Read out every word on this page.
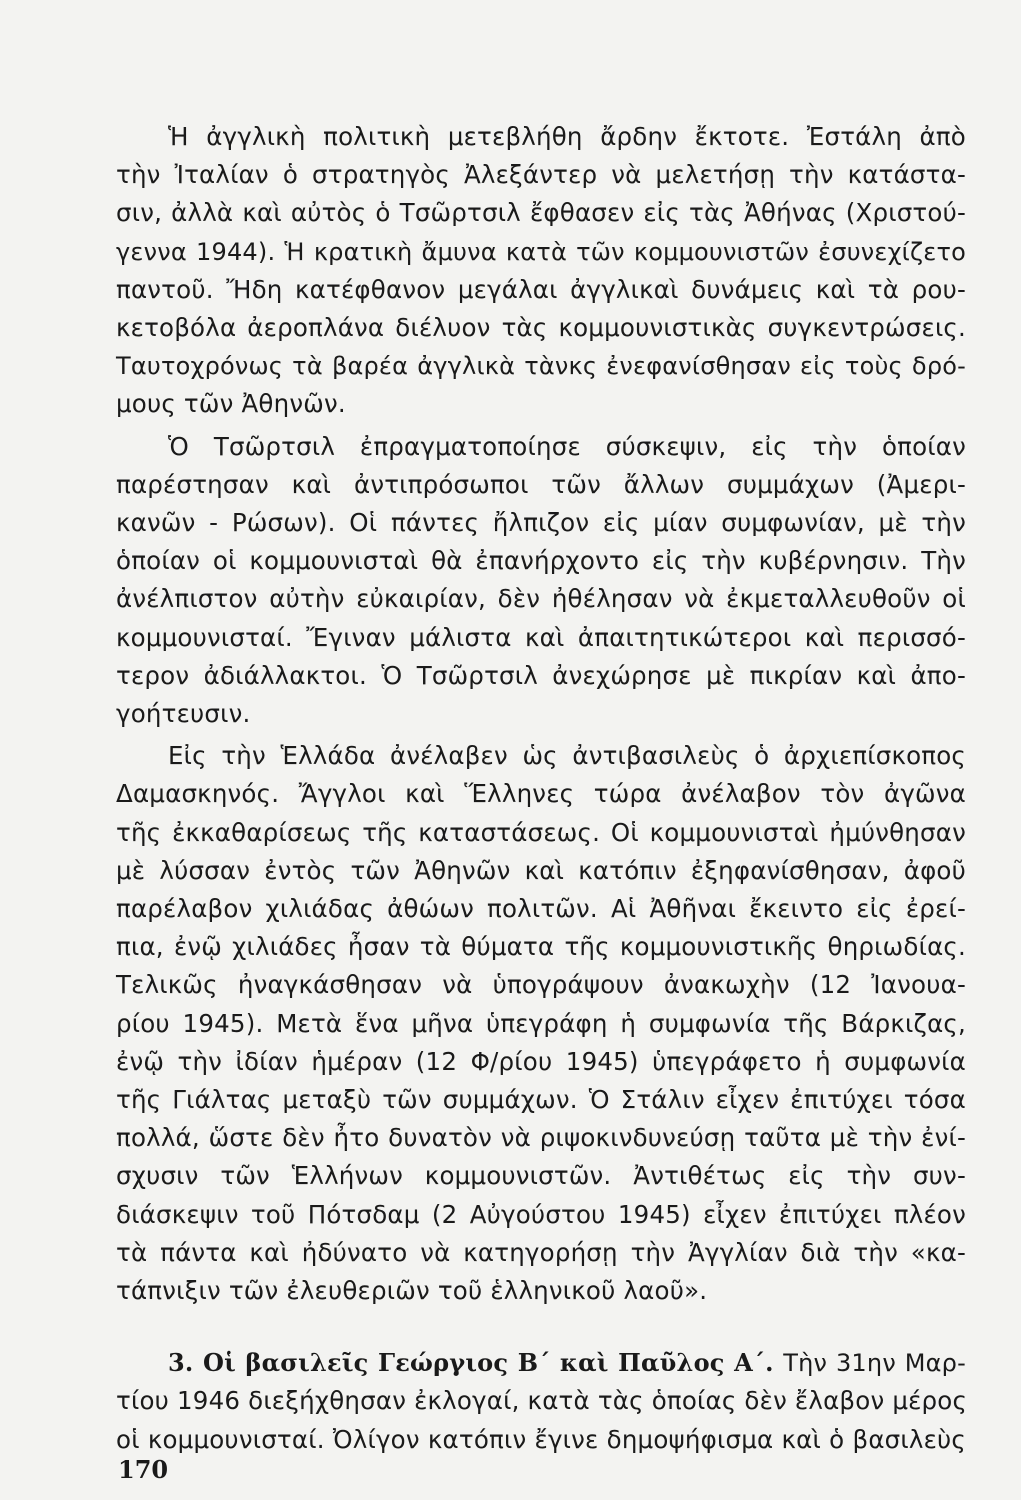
Ἡ ἀγγλικὴ πολιτικὴ μετεβλήθη ἄρδην ἔκτοτε. Ἐστάλη ἀπὸ
τὴν Ἰταλίαν ὁ στρατηγὸς Ἀλεξάντερ νὰ μελετήσῃ τὴν κατάστα-
σιν, ἀλλὰ καὶ αὐτὸς ὁ Τσῶρτσιλ ἔφθασεν εἰς τὰς Ἀθήνας (Χριστού-
γεννα 1944). Ἡ κρατικὴ ἄμυνα κατὰ τῶν κομμουνιστῶν ἐσυνεχίζετο
παντοῦ. Ἤδη κατέφθανον μεγάλαι ἀγγλικαὶ δυνάμεις καὶ τὰ ρου-
κετοβόλα ἀεροπλάνα διέλυον τὰς κομμουνιστικὰς συγκεντρώσεις.
Ταυτοχρόνως τὰ βαρέα ἀγγλικὰ τὰνκς ἐνεφανίσθησαν εἰς τοὺς δρό-
μους τῶν Ἀθηνῶν.
Ὁ Τσῶρτσιλ ἐπραγματοποίησε σύσκεψιν, εἰς τὴν ὁποίαν
παρέστησαν καὶ ἀντιπρόσωποι τῶν ἄλλων συμμάχων (Ἀμερι-
κανῶν - Ρώσων). Οἱ πάντες ἤλπιζον εἰς μίαν συμφωνίαν, μὲ τὴν
ὁποίαν οἱ κομμουνισταὶ θὰ ἐπανήρχοντο εἰς τὴν κυβέρνησιν. Τὴν
ἀνέλπιστον αὐτὴν εὐκαιρίαν, δὲν ἠθέλησαν νὰ ἐκμεταλλευθοῦν οἱ
κομμουνισταί. Ἔγιναν μάλιστα καὶ ἀπαιτητικώτεροι καὶ περισσό-
τερον ἀδιάλλακτοι. Ὁ Τσῶρτσιλ ἀνεχώρησε μὲ πικρίαν καὶ ἀπο-
γοήτευσιν.
Εἰς τὴν Ἑλλάδα ἀνέλαβεν ὡς ἀντιβασιλεὺς ὁ ἀρχιεπίσκοπος
Δαμασκηνός. Ἄγγλοι καὶ Ἕλληνες τώρα ἀνέλαβον τὸν ἀγῶνα
τῆς ἐκκαθαρίσεως τῆς καταστάσεως. Οἱ κομμουνισταὶ ἠμύνθησαν
μὲ λύσσαν ἐντὸς τῶν Ἀθηνῶν καὶ κατόπιν ἐξηφανίσθησαν, ἀφοῦ
παρέλαβον χιλιάδας ἀθώων πολιτῶν. Αἱ Ἀθῆναι ἔκειντο εἰς ἐρεί-
πια, ἐνῷ χιλιάδες ἦσαν τὰ θύματα τῆς κομμουνιστικῆς θηριωδίας.
Τελικῶς ἠναγκάσθησαν νὰ ὑπογράψουν ἀνακωχὴν (12 Ἰανουα-
ρίου 1945). Μετὰ ἕνα μῆνα ὑπεγράφη ἡ συμφωνία τῆς Βάρκιζας,
ἐνῷ τὴν ἰδίαν ἡμέραν (12 Φ/ρίου 1945) ὑπεγράφετο ἡ συμφωνία
τῆς Γιάλτας μεταξὺ τῶν συμμάχων. Ὁ Στάλιν εἶχεν ἐπιτύχει τόσα
πολλά, ὥστε δὲν ἦτο δυνατὸν νὰ ριψοκινδυνεύσῃ ταῦτα μὲ τὴν ἐνί-
σχυσιν τῶν Ἑλλήνων κομμουνιστῶν. Ἀντιθέτως εἰς τὴν συν-
διάσκεψιν τοῦ Πότσδαμ (2 Αὐγούστου 1945) εἶχεν ἐπιτύχει πλέον
τὰ πάντα καὶ ἠδύνατο νὰ κατηγορήσῃ τὴν Ἀγγλίαν διὰ τὴν «κα-
τάπνιξιν τῶν ἐλευθεριῶν τοῦ ἑλληνικοῦ λαοῦ».
3. Οἱ βασιλεῖς Γεώργιος Β΄ καὶ Παῦλος Α΄. Τὴν 31ην Μαρ-
τίου 1946 διεξήχθησαν ἐκλογαί, κατὰ τὰς ὁποίας δὲν ἔλαβον μέρος
οἱ κομμουνισταί. Ὀλίγον κατόπιν ἔγινε δημοψήφισμα καὶ ὁ βασιλεὺς
170
